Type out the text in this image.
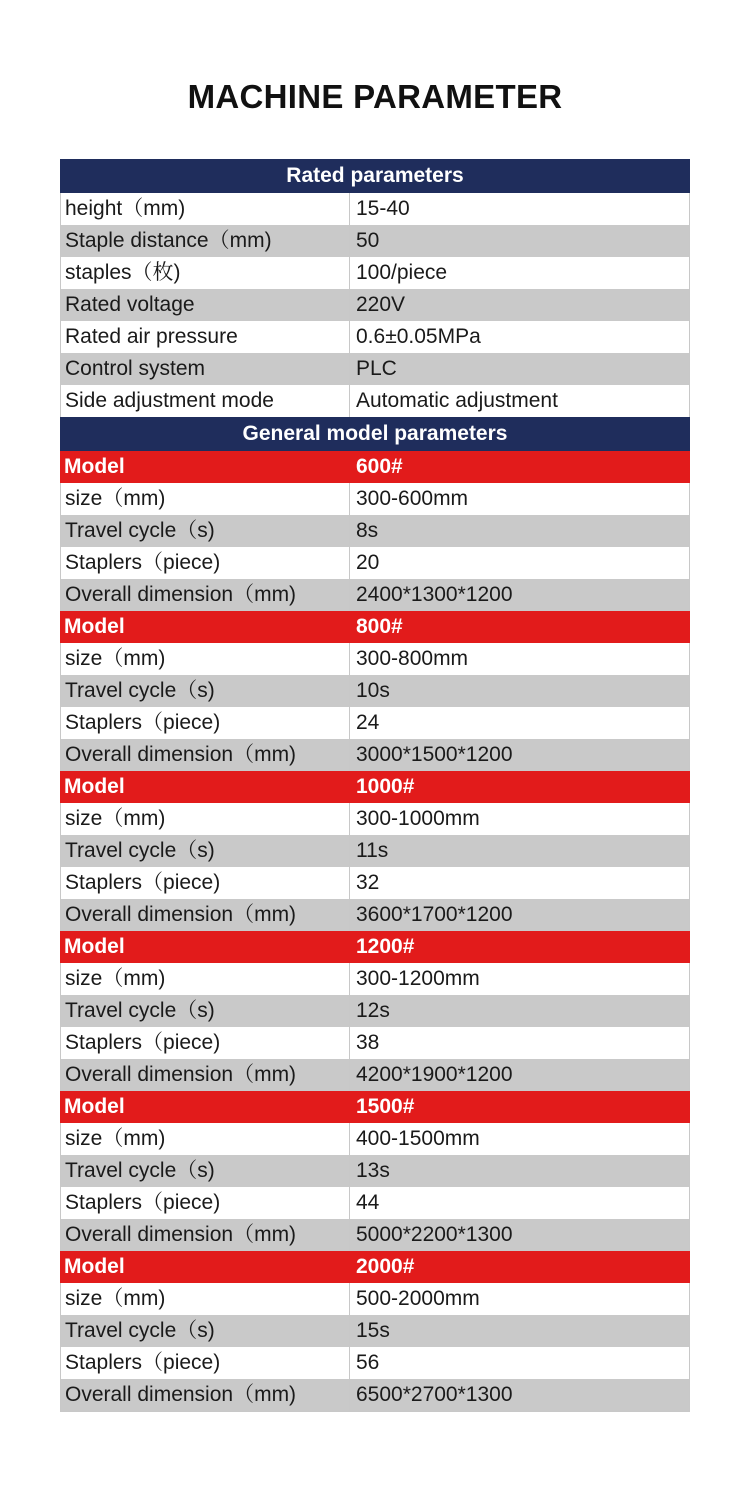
MACHINE PARAMETER
Rated parameters
height（mm)	15-40
Staple distance（mm)	50
staples（枚)	100/piece
Rated voltage	220V
Rated air pressure	0.6±0.05MPa
Control system	PLC
Side adjustment mode	Automatic adjustment
General model parameters
Model	600#
size（mm)	300-600mm
Travel cycle（s)	8s
Staplers（piece)	20
Overall dimension（mm)	2400*1300*1200
Model	800#
size（mm)	300-800mm
Travel cycle（s)	10s
Staplers（piece)	24
Overall dimension（mm)	3000*1500*1200
Model	1000#
size（mm)	300-1000mm
Travel cycle（s)	11s
Staplers（piece)	32
Overall dimension（mm)	3600*1700*1200
Model	1200#
size（mm)	300-1200mm
Travel cycle（s)	12s
Staplers（piece)	38
Overall dimension（mm)	4200*1900*1200
Model	1500#
size（mm)	400-1500mm
Travel cycle（s)	13s
Staplers（piece)	44
Overall dimension（mm)	5000*2200*1300
Model	2000#
size（mm)	500-2000mm
Travel cycle（s)	15s
Staplers（piece)	56
Overall dimension（mm)	6500*2700*1300
